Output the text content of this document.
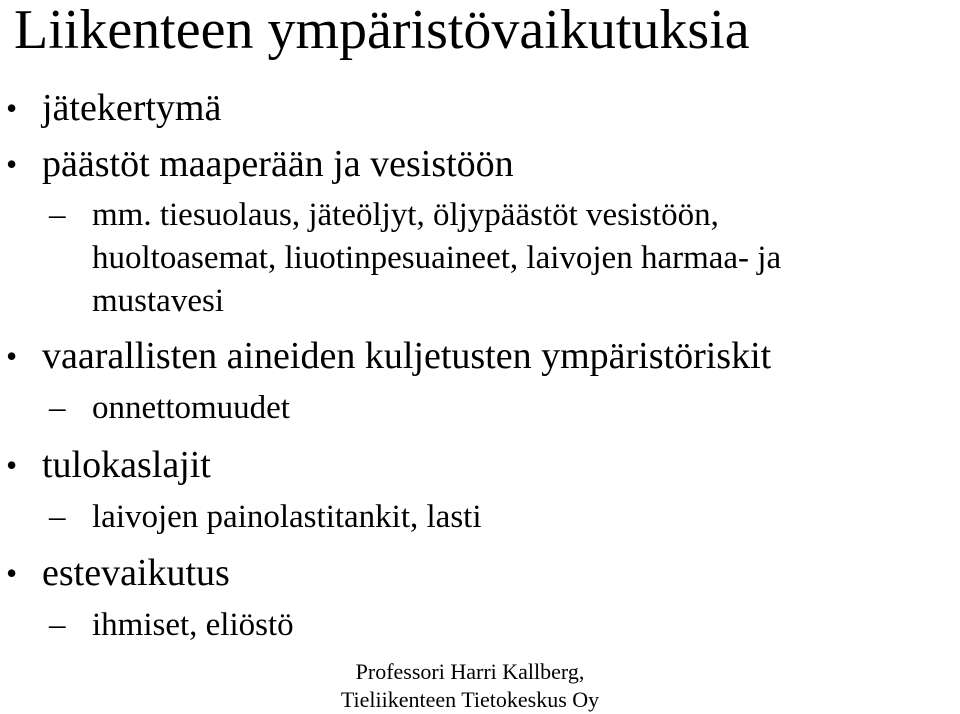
Liikenteen ympäristövaikutuksia
• jätekertymä
• päästöt maaperään ja vesistöön
– mm. tiesuolaus, jäteöljyt, öljypäästöt vesistöön,
huoltoasemat, liuotinpesuaineet, laivojen harmaa- ja
mustavesi
• vaarallisten aineiden kuljetusten ympäristöriskit
– onnettomuudet
• tulokaslajit
– laivojen painolastitankit, lasti
• estevaikutus
– ihmiset, eliöstö
Professori Harri Kallberg,
Tieliikenteen Tietokeskus Oy
